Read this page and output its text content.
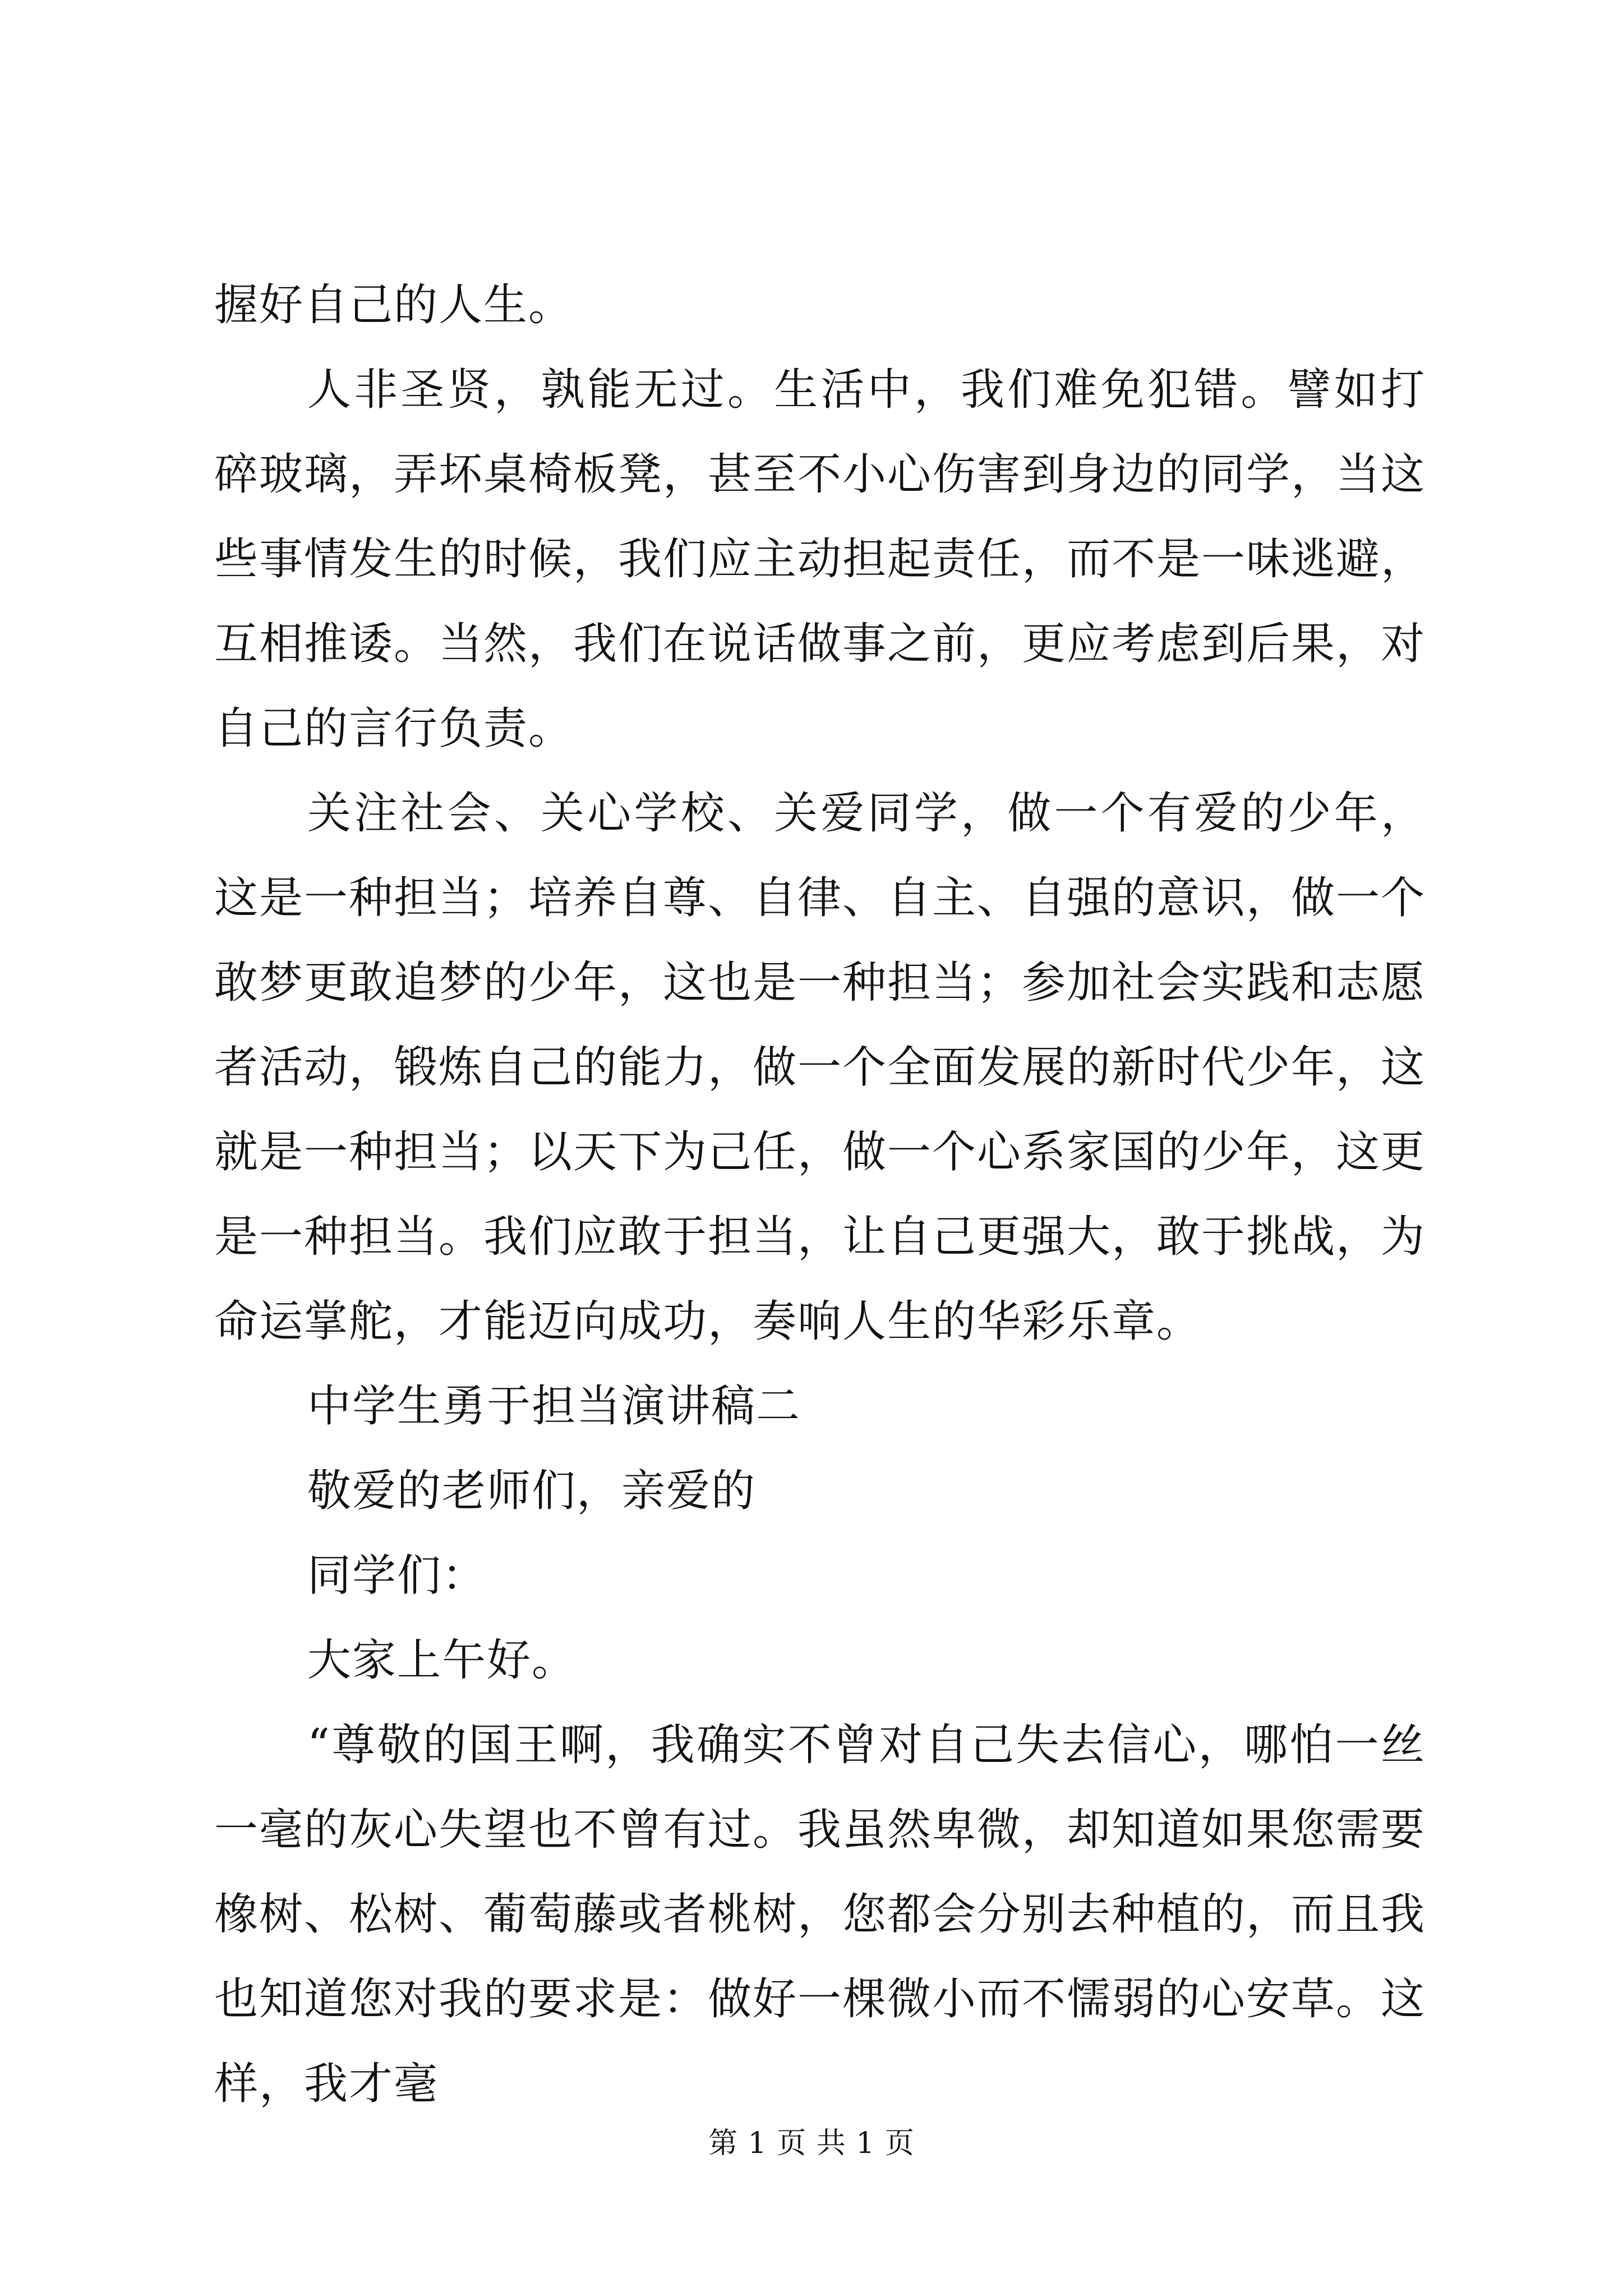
握好自己的人生。

人非圣贤，孰能无过。生活中，我们难免犯错。譬如打碎玻璃，弄坏桌椅板凳，甚至不小心伤害到身边的同学，当这些事情发生的时候，我们应主动担起责任，而不是一味逃避，互相推诿。当然，我们在说话做事之前，更应考虑到后果，对自己的言行负责。

关注社会、关心学校、关爱同学，做一个有爱的少年，这是一种担当；培养自尊、自律、自主、自强的意识，做一个敢梦更敢追梦的少年，这也是一种担当；参加社会实践和志愿者活动，锻炼自己的能力，做一个全面发展的新时代少年，这就是一种担当；以天下为己任，做一个心系家国的少年，这更是一种担当。我们应敢于担当，让自己更强大，敢于挑战，为命运掌舵，才能迈向成功，奏响人生的华彩乐章。

中学生勇于担当演讲稿二

敬爱的老师们，亲爱的

同学们：

大家上午好。

“尊敬的国王啊，我确实不曾对自己失去信心，哪怕一丝一毫的灰心失望也不曾有过。我虽然卑微，却知道如果您需要橡树、松树、葡萄藤或者桃树，您都会分别去种植的，而且我也知道您对我的要求是：做好一棵微小而不懦弱的心安草。这样，我才毫

第 1 页 共 1 页
